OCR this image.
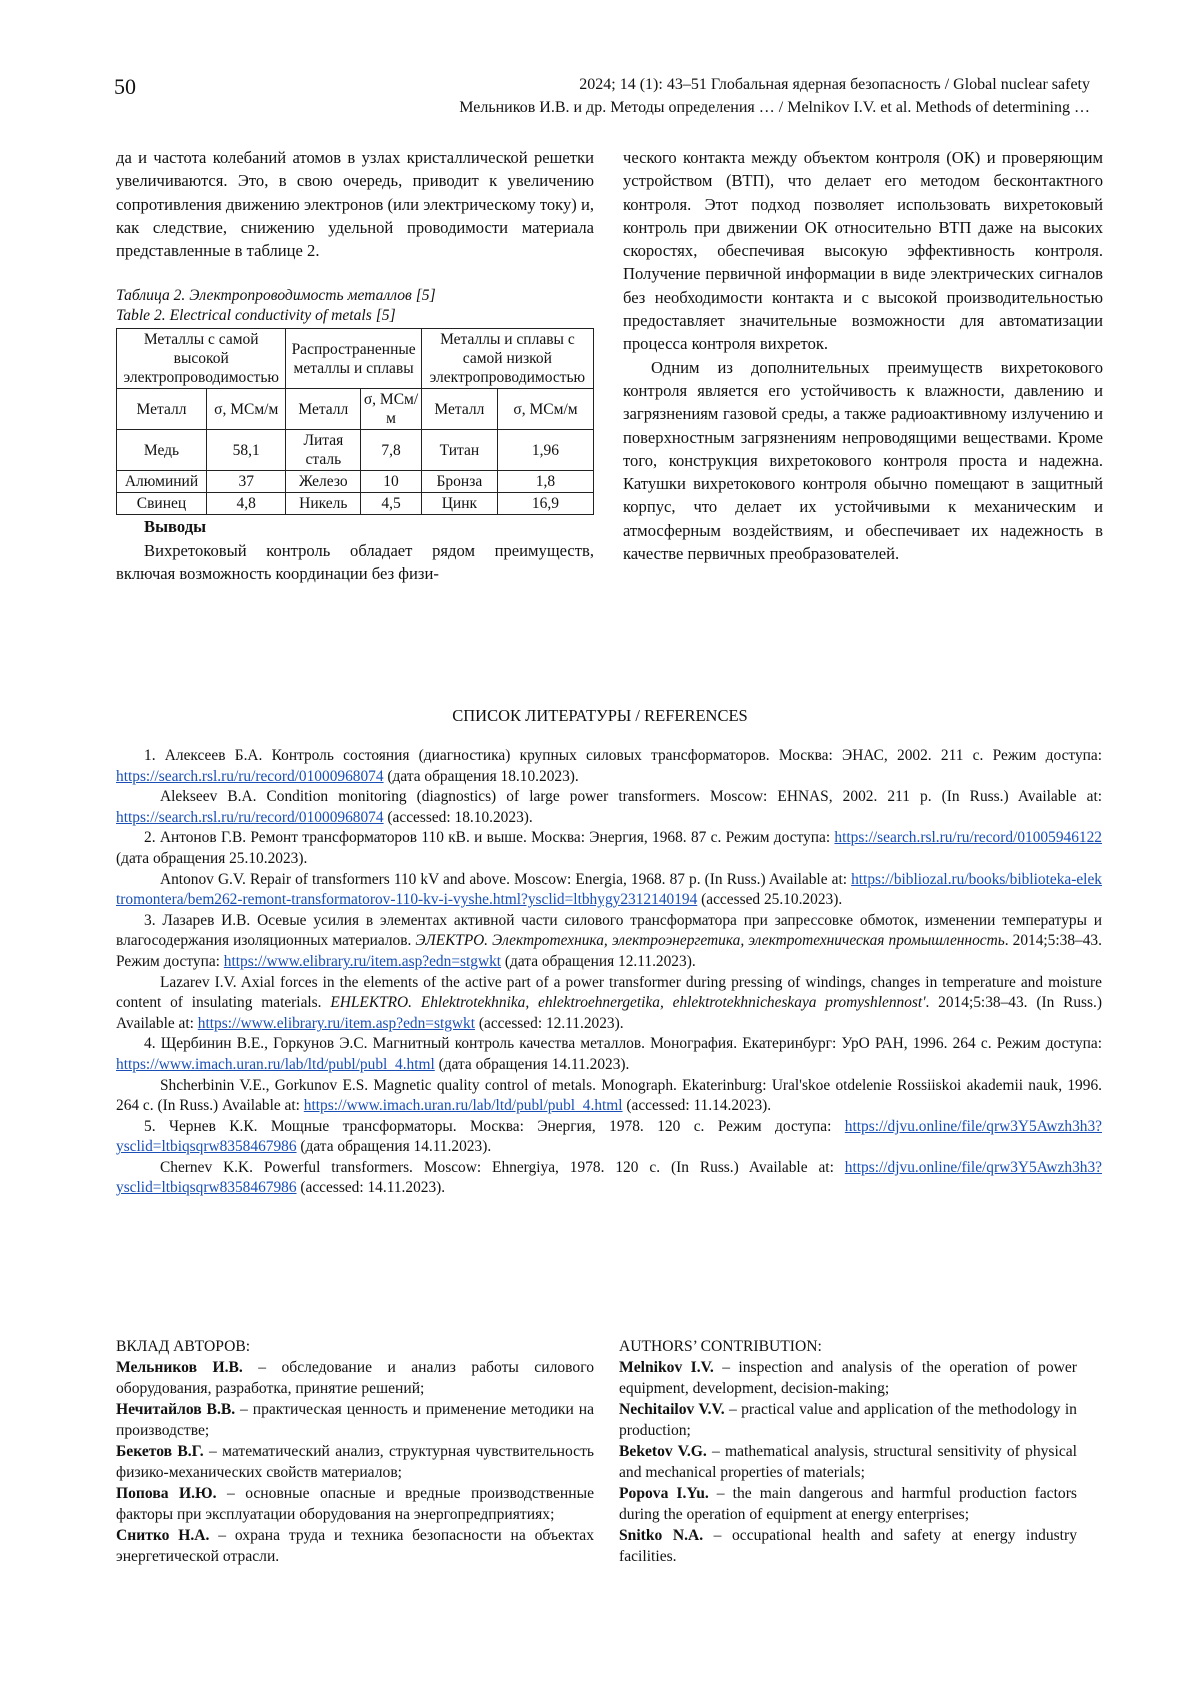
50	2024; 14 (1): 43–51 Глобальная ядерная безопасность / Global nuclear safety
Мельников И.В. и др. Методы определения … / Melnikov I.V. et al. Methods of determining …

да и частота колебаний атомов в узлах кристаллической решетки увеличиваются. Это, в свою очередь, приводит к увеличению сопротивления движению электронов (или электрическому току) и, как следствие, снижению удельной проводимости материала представленные в таблице 2.

Таблица 2. Электропроводимость металлов [5]
Table 2. Electrical conductivity of metals [5]
Металлы с самой высокой электропроводимостью		Распространенные металлы и сплавы		Металлы и сплавы с самой низкой электропроводимостью	
Металл	σ, МСм/м	Металл	σ, МСм/м	Металл	σ, МСм/м
Медь	58,1	Литая сталь	7,8	Титан	1,96
Алюминий	37	Железо	10	Бронза	1,8
Свинец	4,8	Никель	4,5	Цинк	16,9

Выводы

Вихретоковый контроль обладает рядом преимуществ, включая возможность координации без физи-

ческого контакта между объектом контроля (ОК) и проверяющим устройством (ВТП), что делает его методом бесконтактного контроля. Этот подход позволяет использовать вихретоковый контроль при движении ОК относительно ВТП даже на высоких скоростях, обеспечивая высокую эффективность контроля. Получение первичной информации в виде электрических сигналов без необходимости контакта и с высокой производительностью предоставляет значительные возможности для автоматизации процесса контроля вихреток.

Одним из дополнительных преимуществ вихретокового контроля является его устойчивость к влажности, давлению и загрязнениям газовой среды, а также радиоактивному излучению и поверхностным загрязнениям непроводящими веществами. Кроме того, конструкция вихретокового контроля проста и надежна. Катушки вихретокового контроля обычно помещают в защитный корпус, что делает их устойчивыми к механическим и атмосферным воздействиям, и обеспечивает их надежность в качестве первичных преобразователей.

СПИСОК ЛИТЕРАТУРЫ / REFERENCES

1. Алексеев Б.А. Контроль состояния (диагностика) крупных силовых трансформаторов. Москва: ЭНАС, 2002. 211 с. Режим доступа: https://search.rsl.ru/ru/record/01000968074 (дата обращения 18.10.2023).

Alekseev B.A. Condition monitoring (diagnostics) of large power transformers. Moscow: EHNAS, 2002. 211 p. (In Russ.) Available at: https://search.rsl.ru/ru/record/01000968074 (accessed: 18.10.2023).

2. Антонов Г.В. Ремонт трансформаторов 110 кВ. и выше. Москва: Энергия, 1968. 87 с. Режим доступа: https://search.rsl.ru/ru/record/01005946122 (дата обращения 25.10.2023).

Antonov G.V. Repair of transformers 110 kV and above. Moscow: Energia, 1968. 87 p. (In Russ.) Available at: https://bibliozal.ru/books/biblioteka-elektromontera/bem262-remont-transformatorov-110-kv-i-vyshe.html?ysclid=ltbhygy2312140194 (accessed 25.10.2023).

3. Лазарев И.В. Осевые усилия в элементах активной части силового трансформатора при запрессовке обмоток, изменении температуры и влагосодержания изоляционных материалов. ЭЛЕКТРО. Электротехника, электроэнергетика, электротехническая промышленность. 2014;5:38–43. Режим доступа: https://www.elibrary.ru/item.asp?edn=stgwkt (дата обращения 12.11.2023).

Lazarev I.V. Axial forces in the elements of the active part of a power transformer during pressing of windings, changes in temperature and moisture content of insulating materials. EHLEKTRO. Ehlektrotekhnika, ehlektroehnergetika, ehlektrotekhnicheskaya promyshlennost'. 2014;5:38–43. (In Russ.) Available at: https://www.elibrary.ru/item.asp?edn=stgwkt (accessed: 12.11.2023).

4. Щербинин В.Е., Горкунов Э.С. Магнитный контроль качества металлов. Монография. Екатеринбург: УрО РАН, 1996. 264 с. Режим доступа: https://www.imach.uran.ru/lab/ltd/publ/publ_4.html (дата обращения 14.11.2023).

Shcherbinin V.E., Gorkunov E.S. Magnetic quality control of metals. Monograph. Ekaterinburg: Ural'skoe otdelenie Rossiiskoi akademii nauk, 1996. 264 с. (In Russ.) Available at: https://www.imach.uran.ru/lab/ltd/publ/publ_4.html (accessed: 11.14.2023).

5. Чернев К.К. Мощные трансформаторы. Москва: Энергия, 1978. 120 с. Режим доступа: https://djvu.online/file/qrw3Y5Awzh3h3?ysclid=ltbiqsqrw8358467986 (дата обращения 14.11.2023).

Chernev K.K. Powerful transformers. Moscow: Ehnergiya, 1978. 120 c. (In Russ.) Available at: https://djvu.online/file/qrw3Y5Awzh3h3?ysclid=ltbiqsqrw8358467986 (accessed: 14.11.2023).

ВКЛАД АВТОРОВ:

Мельников И.В. – обследование и анализ работы силового оборудования, разработка, принятие решений;

Нечитайлов В.В. – практическая ценность и применение методики на производстве;

Бекетов В.Г. – математический анализ, структурная чувствительность физико-механических свойств материалов;

Попова И.Ю. – основные опасные и вредные производственные факторы при эксплуатации оборудования на энергопредприятиях;

Снитко Н.А. – охрана труда и техника безопасности на объектах энергетической отрасли.

AUTHORS’ CONTRIBUTION:

Melnikov I.V. – inspection and analysis of the operation of power equipment, development, decision-making;

Nechitailov V.V. – practical value and application of the methodology in production;

Beketov V.G. – mathematical analysis, structural sensitivity of physical and mechanical properties of materials;

Popova I.Yu. – the main dangerous and harmful production factors during the operation of equipment at energy enterprises;

Snitko N.A. – occupational health and safety at energy industry facilities.
